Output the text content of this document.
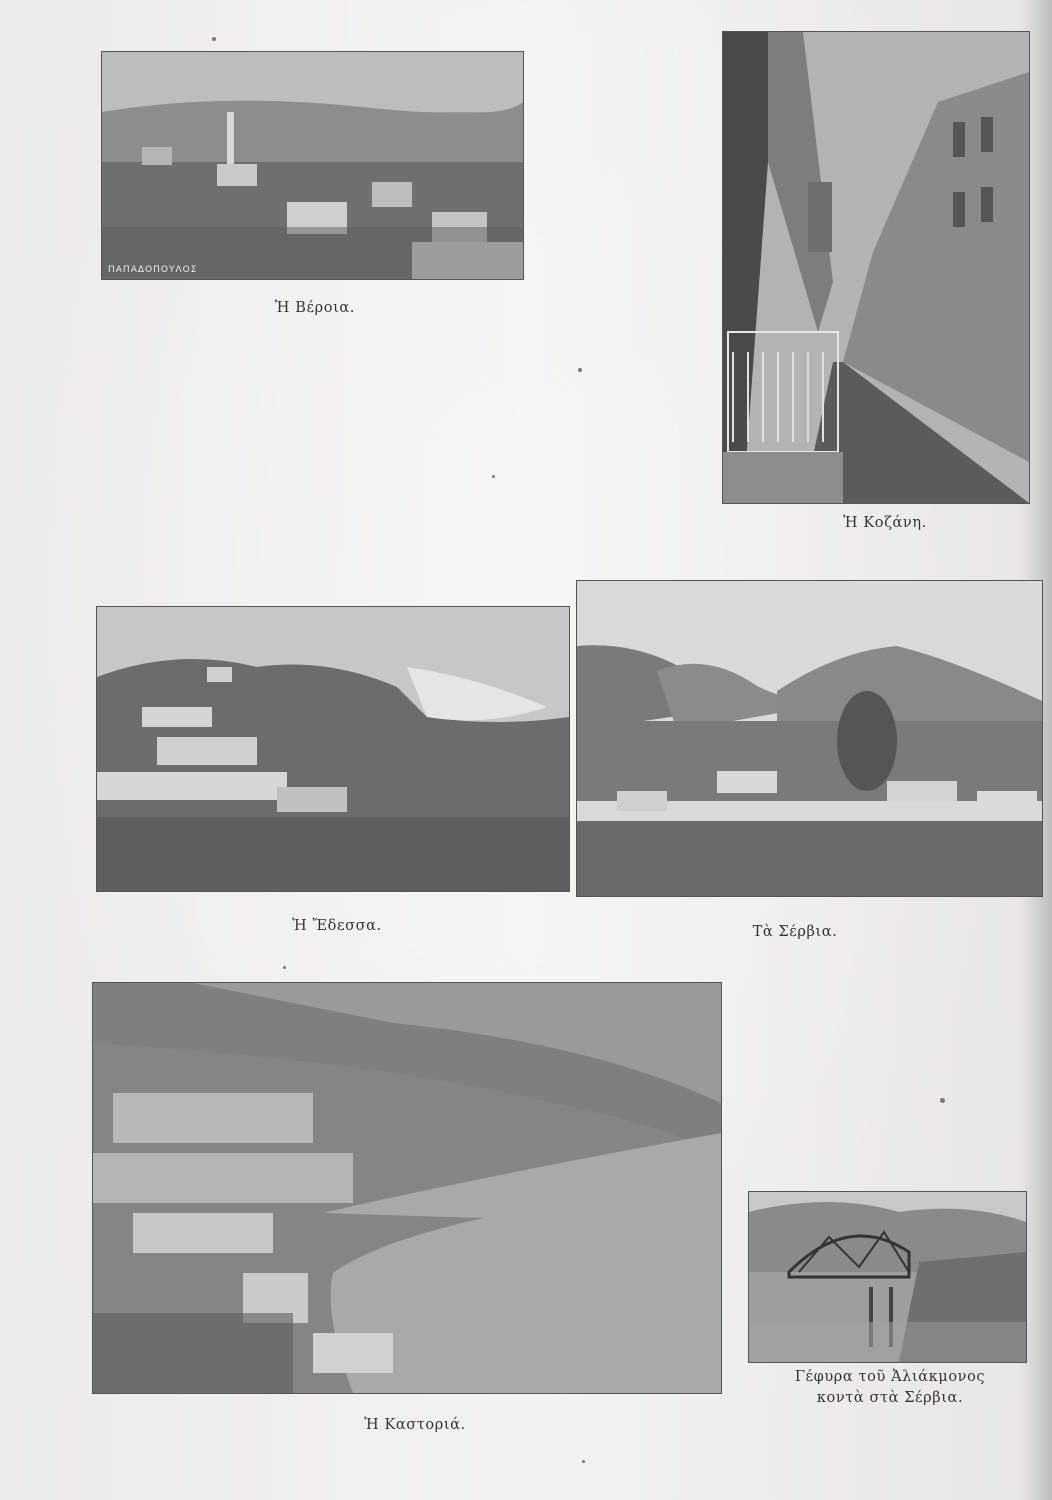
ΠΑΠΑΔΟΠΟΥΛΟΣ
Ἡ Βέροια.
Ἡ Κοζάνη.
Ἡ Ἔδεσσα.	Τὰ Σέρβια.
Ἡ Καστοριά.
Γέφυρα τοῦ Ἀλιάκμονος
κοντὰ στὰ Σέρβια.
